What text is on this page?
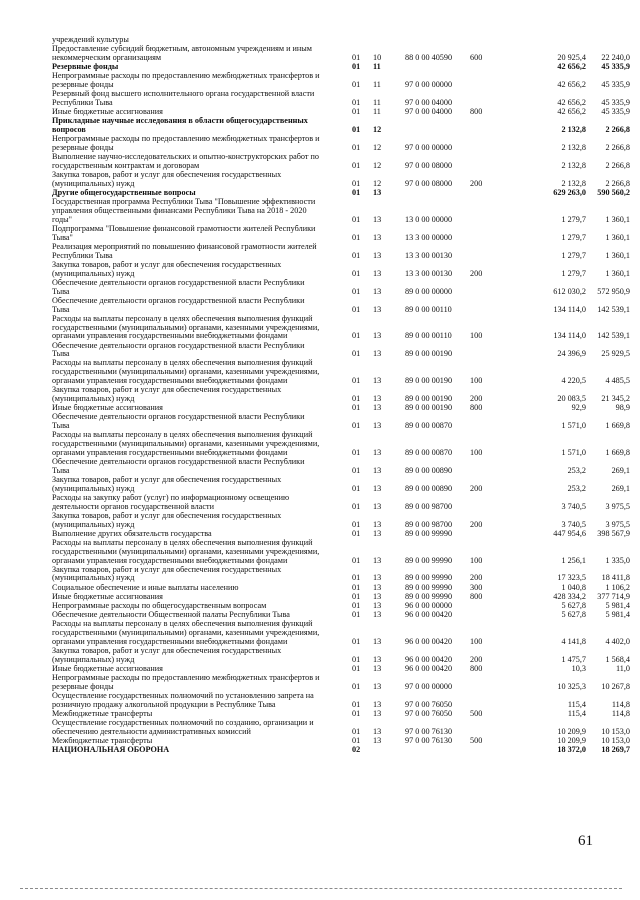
учреждений культуры
Предоставление субсидий бюджетным, автономным учреждениям и иным
некоммерческим организациям	01 10	88 0 00 40590 600	20 925,4 22 240,0
Резервные фонды	01 11	42 656,2 45 335,9
Непрограммные расходы по предоставлению межбюджетных трансфертов и
резервные фонды	01 11	97 0 00 00000	42 656,2 45 335,9
Резервный фонд высшего исполнительного органа государственной власти
Республики Тыва	01 11	97 0 00 04000	42 656,2 45 335,9
Иные бюджетные ассигнования	01 11	97 0 00 04000 800	42 656,2 45 335,9
Прикладные научные исследования в области общегосударственных
вопросов	01 12	2 132,8 2 266,8
Непрограммные расходы по предоставлению межбюджетных трансфертов и
резервные фонды	01 12	97 0 00 00000	2 132,8 2 266,8
Выполнение научно-исследовательских и опытно-конструкторских работ по
государственным контрактам и договорам	01 12	97 0 00 08000	2 132,8 2 266,8
Закупка товаров, работ и услуг для обеспечения государственных
(муниципальных) нужд	01 12	97 0 00 08000 200	2 132,8 2 266,8
Другие общегосударственные вопросы	01 13	629 263,0 590 560,2
Государственная программа Республики Тыва "Повышение эффективности
управления общественными финансами Республики Тыва на 2018 - 2020
годы"	01 13	13 0 00 00000	1 279,7 1 360,1
Подпрограмма "Повышение финансовой грамотности жителей Республики
Тыва"	01 13	13 3 00 00000	1 279,7 1 360,1
Реализация мероприятий по повышению финансовой грамотности жителей
Республики Тыва	01 13	13 3 00 00130	1 279,7 1 360,1
Закупка товаров, работ и услуг для обеспечения государственных
(муниципальных) нужд	01 13	13 3 00 00130 200	1 279,7 1 360,1
Обеспечение деятельности органов государственной власти Республики
Тыва	01 13	89 0 00 00000	612 030,2 572 950,9
Обеспечение деятельности органов государственной власти Республики
Тыва	01 13	89 0 00 00110	134 114,0 142 539,1
Расходы на выплаты персоналу в целях обеспечения выполнения функций
государственными (муниципальными) органами, казенными учреждениями,
органами управления государственными внебюджетными фондами	01 13	89 0 00 00110 100	134 114,0 142 539,1
Обеспечение деятельности органов государственной власти Республики
Тыва	01 13	89 0 00 00190	24 396,9 25 929,5
Расходы на выплаты персоналу в целях обеспечения выполнения функций
государственными (муниципальными) органами, казенными учреждениями,
органами управления государственными внебюджетными фондами	01 13	89 0 00 00190 100	4 220,5 4 485,5
Закупка товаров, работ и услуг для обеспечения государственных
(муниципальных) нужд	01 13	89 0 00 00190 200	20 083,5 21 345,2
Иные бюджетные ассигнования	01 13	89 0 00 00190 800	92,9	98,9
Обеспечение деятельности органов государственной власти Республики
Тыва	01 13	89 0 00 00870	1 571,0 1 669,8
Расходы на выплаты персоналу в целях обеспечения выполнения функций
государственными (муниципальными) органами, казенными учреждениями,
органами управления государственными внебюджетными фондами	01 13	89 0 00 00870 100	1 571,0 1 669,8
Обеспечение деятельности органов государственной власти Республики
Тыва	01 13	89 0 00 00890	253,2	269,1
Закупка товаров, работ и услуг для обеспечения государственных
(муниципальных) нужд	01 13	89 0 00 00890 200	253,2	269,1
Расходы на закупку работ (услуг) по информационному освещению
деятельности органов государственной власти	01 13	89 0 00 98700	3 740,5 3 975,5
Закупка товаров, работ и услуг для обеспечения государственных
(муниципальных) нужд	01 13	89 0 00 98700 200	3 740,5 3 975,5
Выполнение других обязательств государства	01 13	89 0 00 99990	447 954,6 398 567,9
Расходы на выплаты персоналу в целях обеспечения выполнения функций
государственными (муниципальными) органами, казенными учреждениями,
органами управления государственными внебюджетными фондами	01 13	89 0 00 99990 100	1 256,1 1 335,0
Закупка товаров, работ и услуг для обеспечения государственных
(муниципальных) нужд	01 13	89 0 00 99990 200	17 323,5 18 411,8
Социальное обеспечение и иные выплаты населению	01 13	89 0 00 99990 300	1 040,8 1 106,2
Иные бюджетные ассигнования	01 13	89 0 00 99990 800	428 334,2 377 714,9
Непрограммные расходы по общегосударственным вопросам	01 13	96 0 00 00000	5 627,8 5 981,4
Обеспечение деятельности Общественной палаты Республики Тыва	01 13	96 0 00 00420	5 627,8 5 981,4
Расходы на выплаты персоналу в целях обеспечения выполнения функций
государственными (муниципальными) органами, казенными учреждениями,
органами управления государственными внебюджетными фондами	01 13	96 0 00 00420 100	4 141,8 4 402,0
Закупка товаров, работ и услуг для обеспечения государственных
(муниципальных) нужд	01 13	96 0 00 00420 200	1 475,7 1 568,4
Иные бюджетные ассигнования	01 13	96 0 00 00420 800	10,3	11,0
Непрограммные расходы по предоставлению межбюджетных трансфертов и
резервные фонды	01 13	97 0 00 00000	10 325,3 10 267,8
Осуществление государственных полномочий по установлению запрета на
розничную продажу алкогольной продукции в Республике Тыва	01 13	97 0 00 76050	115,4	114,8
Межбюджетные трансферты	01 13	97 0 00 76050 500	115,4	114,8
Осуществление государственных полномочий по созданию, организации и
обеспечению деятельности административных комиссий	01 13	97 0 00 76130	10 209,9 10 153,0
Межбюджетные трансферты	01 13	97 0 00 76130 500	10 209,9 10 153,0
НАЦИОНАЛЬНАЯ ОБОРОНА	02	18 372,0 18 269,7
61
